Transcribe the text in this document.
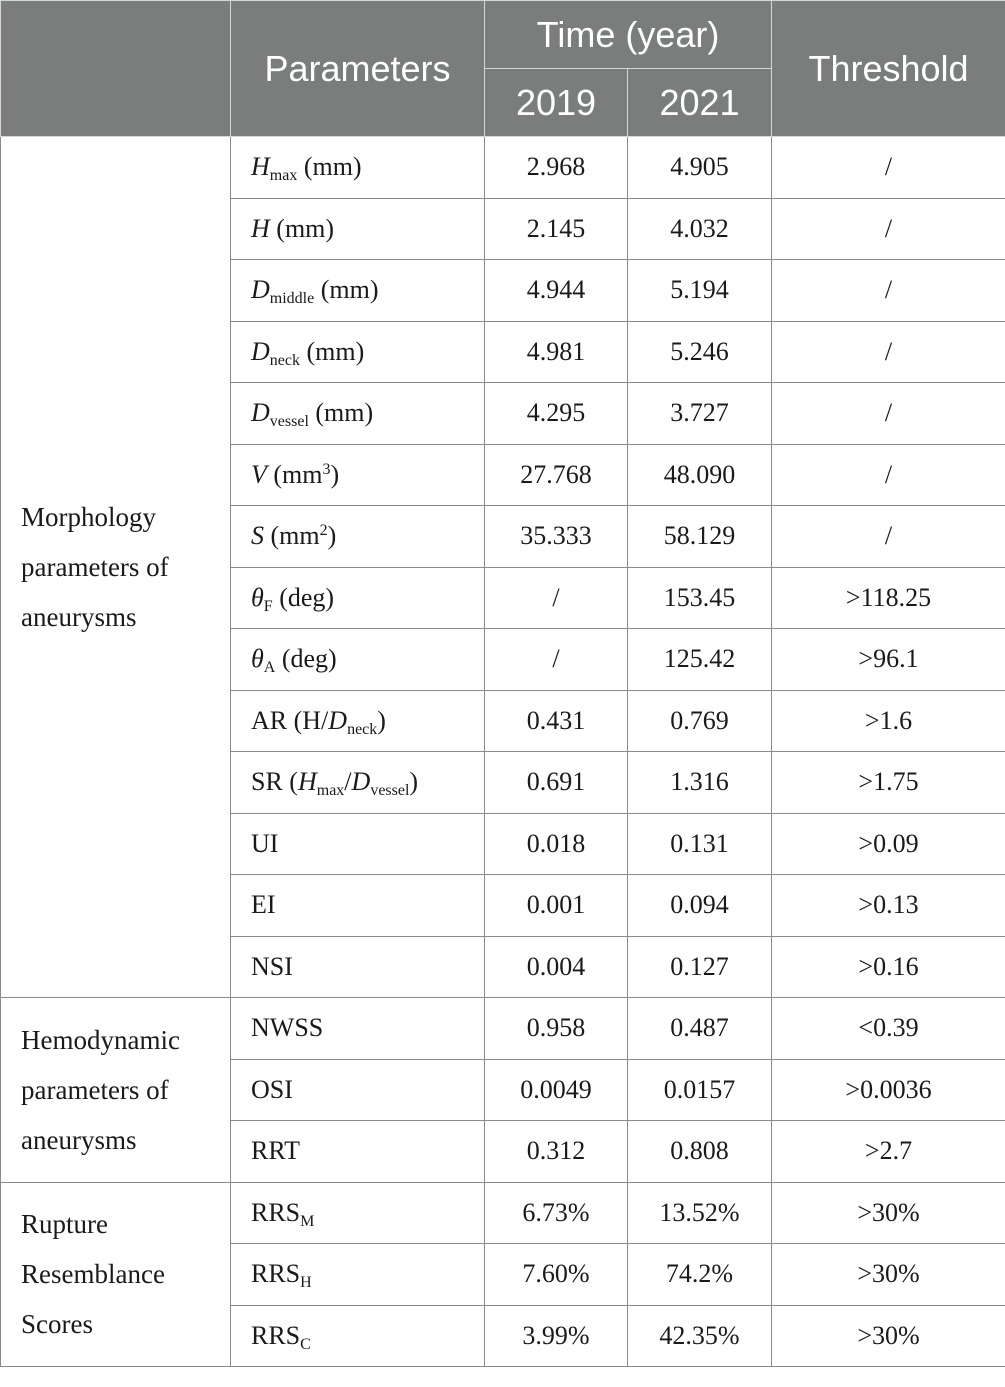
	Parameters	Time (year)		Threshold
		2019	2021	
Morphology parameters of aneurysms	$H_{max}$ (mm)	2.968	4.905	/
	H (mm)	2.145	4.032	/
	$D_{middle}$ (mm)	4.944	5.194	/
	$D_{neck}$ (mm)	4.981	5.246	/
	$D_{vessel}$ (mm)	4.295	3.727	/
	V $(mm^3)$	27.768	48.090	/
	S $(mm^2)$	35.333	58.129	/
	$\theta_F$ (deg)	/	153.45	>118.25
	$\theta_A$ (deg)	/	125.42	>96.1
	AR $(H/D_{neck})$	0.431	0.769	>1.6
	SR $(H_{max}/D_{vessel})$	0.691	1.316	>1.75
	UI	0.018	0.131	>0.09
	EI	0.001	0.094	>0.13
	NSI	0.004	0.127	>0.16
Hemodynamic parameters of aneurysms	NWSS	0.958	0.487	<0.39
	OSI	0.0049	0.0157	>0.0036
	RRT	0.312	0.808	>2.7
Rupture Resemblance Scores	$RRS_M$	6.73%	13.52%	>30%
	$RRS_H$	7.60%	74.2%	>30%
	$RRS_C$	3.99%	42.35%	>30%
